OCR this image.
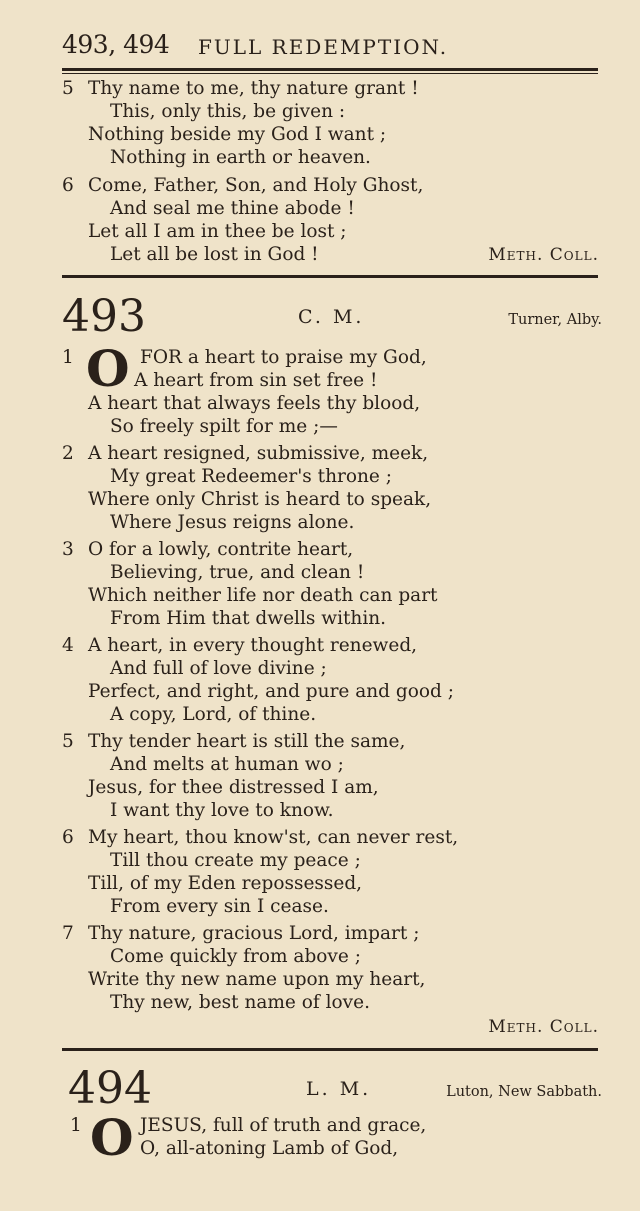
493, 494 FULL REDEMPTION.
5 Thy name to me, thy nature grant !
This, only this, be given :
Nothing beside my God I want ;
Nothing in earth or heaven.
6 Come, Father, Son, and Holy Ghost,
And seal me thine abode !
Let all I am in thee be lost ;
Let all be lost in God !	Meth. Coll.
493	C. M.	Turner, Alby.
1	FOR a heart to praise my God,
O A heart from sin set free !
A heart that always feels thy blood,
So freely spilt for me ;—
2 A heart resigned, submissive, meek,
My great Redeemer's throne ;
Where only Christ is heard to speak,
Where Jesus reigns alone.
3 O for a lowly, contrite heart,
Believing, true, and clean !
Which neither life nor death can part
From Him that dwells within.
4 A heart, in every thought renewed,
And full of love divine ;
Perfect, and right, and pure and good ;
A copy, Lord, of thine.
5 Thy tender heart is still the same,
And melts at human wo ;
Jesus, for thee distressed I am,
I want thy love to know.
6 My heart, thou know'st, can never rest,
Till thou create my peace ;
Till, of my Eden repossessed,
From every sin I cease.
7 Thy nature, gracious Lord, impart ;
Come quickly from above ;
Write thy new name upon my heart,
Thy new, best name of love.
Meth. Coll.
494	L. M.	Luton, New Sabbath.
1	JESUS, full of truth and grace,
O O, all-atoning Lamb of God,
